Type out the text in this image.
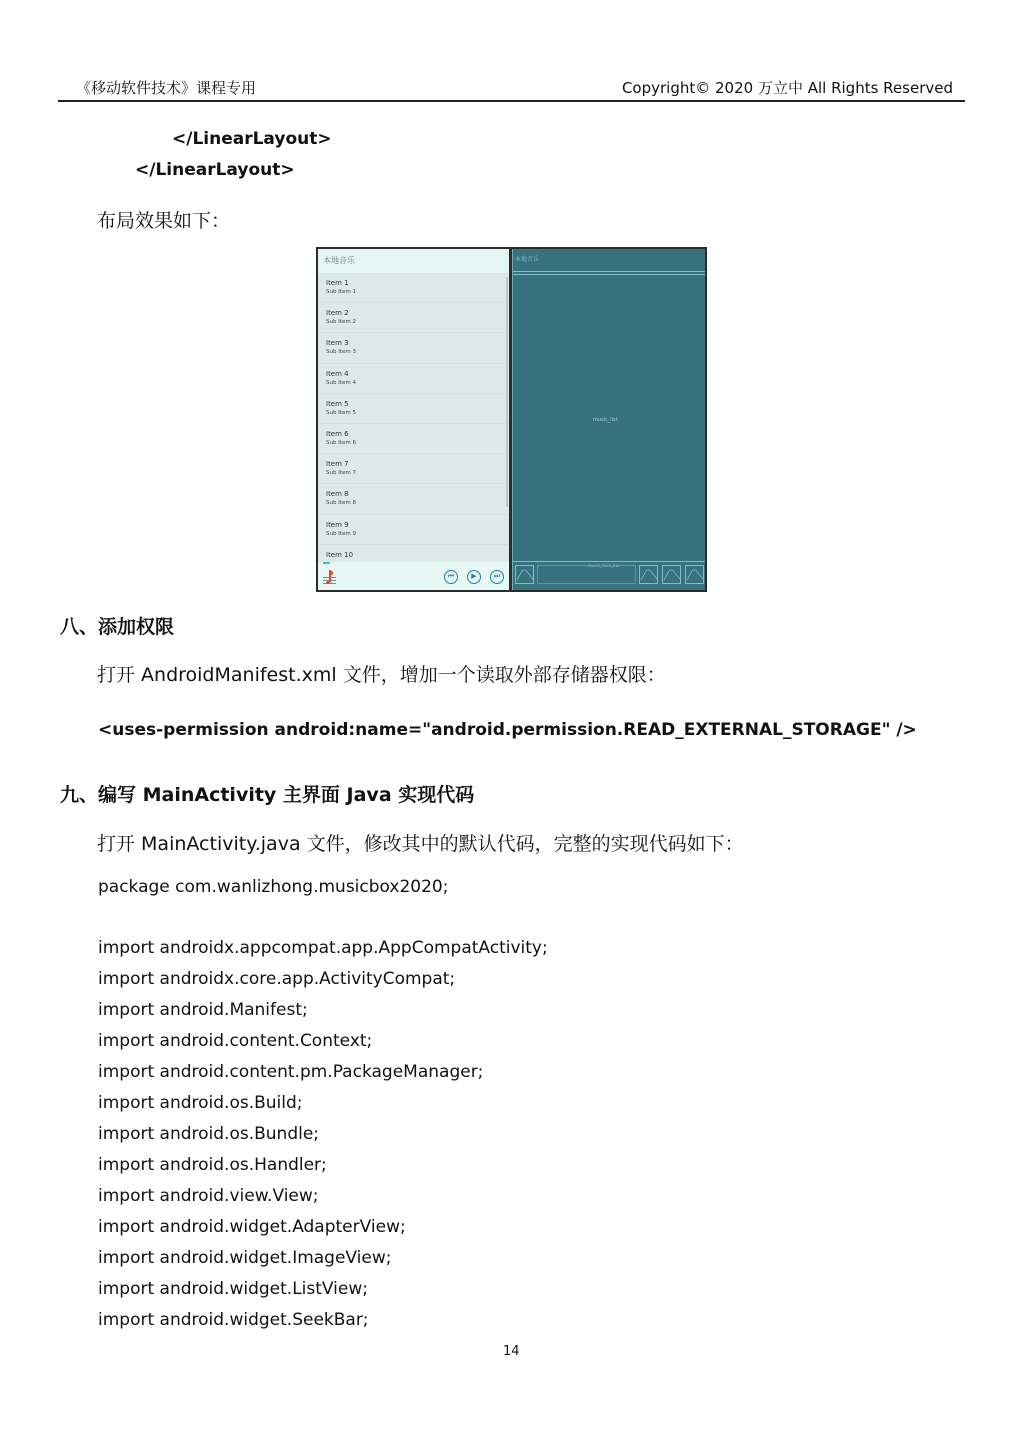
《移动软件技术》课程专用	Copyright© 2020 万立中 All Rights Reserved
</LinearLayout>
</LinearLayout>
布局效果如下：
本地音乐
Item 1
Sub Item 1
Item 2
Sub Item 2
Item 3
Sub Item 3
Item 4
Sub Item 4
Item 5
Sub Item 5
Item 6
Sub Item 6
Item 7
Sub Item 7
Item 8
Sub Item 8
Item 9
Sub Item 9
Item 10
⏮	▶	⏭
本地音乐
music_list
music_seek_bar
八、添加权限
打开 AndroidManifest.xml 文件，增加一个读取外部存储器权限：
<uses-permission android:name="android.permission.READ_EXTERNAL_STORAGE" />
九、编写 MainActivity 主界面 Java 实现代码
打开 MainActivity.java 文件，修改其中的默认代码，完整的实现代码如下：
package com.wanlizhong.musicbox2020;
import androidx.appcompat.app.AppCompatActivity;
import androidx.core.app.ActivityCompat;
import android.Manifest;
import android.content.Context;
import android.content.pm.PackageManager;
import android.os.Build;
import android.os.Bundle;
import android.os.Handler;
import android.view.View;
import android.widget.AdapterView;
import android.widget.ImageView;
import android.widget.ListView;
import android.widget.SeekBar;
14
